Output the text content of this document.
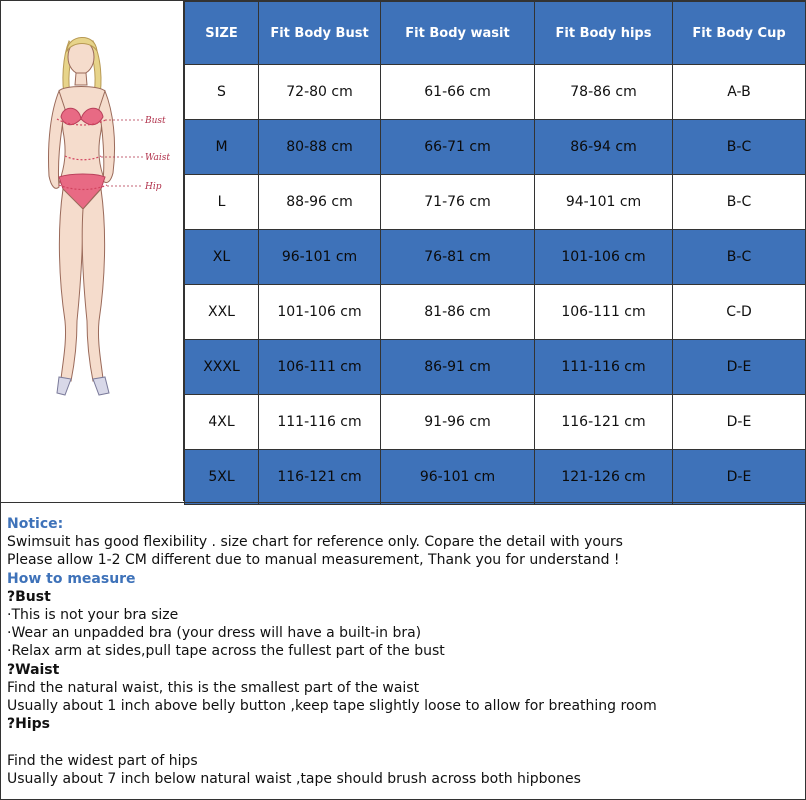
Bust
Waist
Hip
SIZE	Fit Body Bust	Fit Body wasit	Fit Body hips	Fit Body Cup
S	72-80 cm	61-66 cm	78-86 cm	A-B
M	80-88 cm	66-71 cm	86-94 cm	B-C
L	88-96 cm	71-76 cm	94-101 cm	B-C
XL	96-101 cm	76-81 cm	101-106 cm	B-C
XXL	101-106 cm	81-86 cm	106-111 cm	C-D
XXXL	106-111 cm	86-91 cm	111-116 cm	D-E
4XL	111-116 cm	91-96 cm	116-121 cm	D-E
5XL	116-121 cm	96-101 cm	121-126 cm	D-E
Notice:
Swimsuit has good flexibility . size chart for reference only. Copare the detail with yours
Please allow 1-2 CM different due to manual measurement, Thank you for understand !
How to measure
?Bust
·This is not your bra size
·Wear an unpadded bra (your dress will have a built-in bra)
·Relax arm at sides,pull tape across the fullest part of the bust
?Waist
Find the natural waist, this is the smallest part of the waist
Usually about 1 inch above belly button ,keep tape slightly loose to allow for breathing room
?Hips
Find the widest part of hips
Usually about 7 inch below natural waist ,tape should brush across both hipbones
